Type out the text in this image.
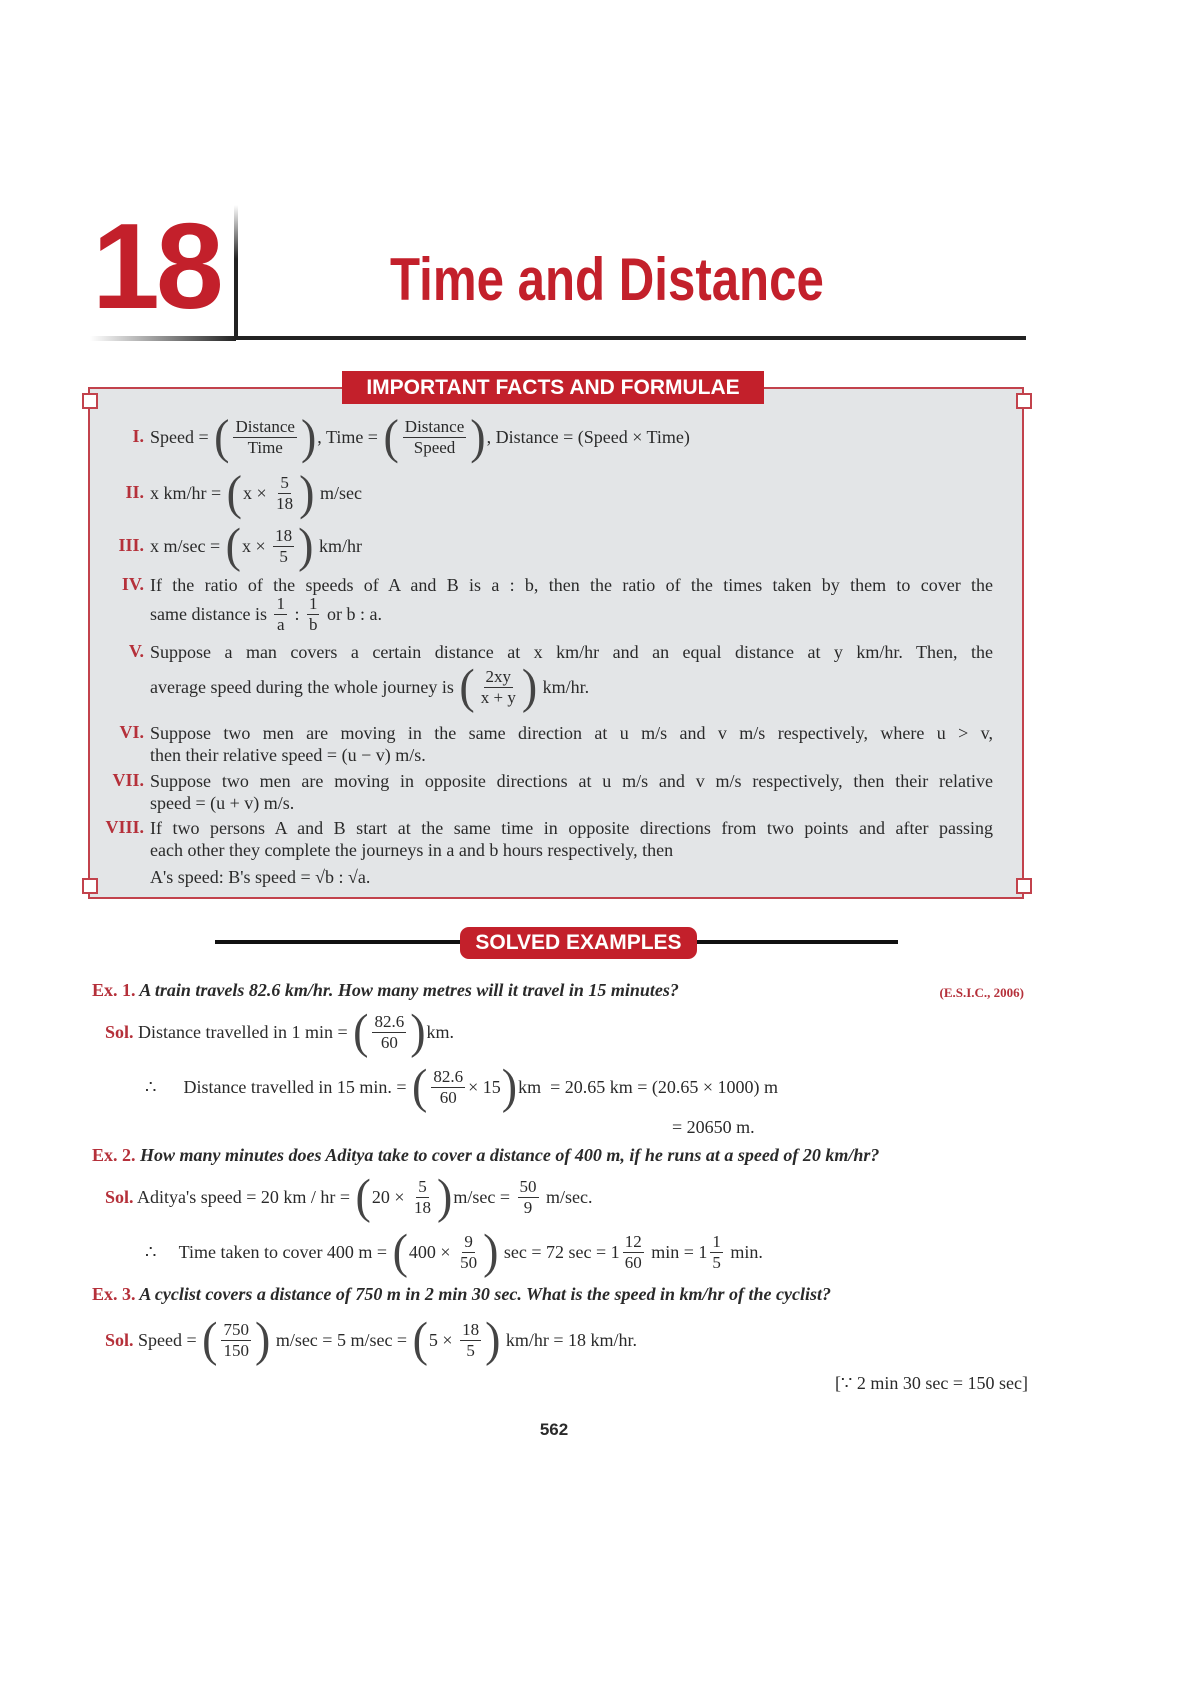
18	Time and Distance
IMPORTANT FACTS AND FORMULAE
I. Speed = ( $\frac{\text{Distance}}{\text{Time}}$ ) , Time = ( $\frac{\text{Distance}}{\text{Speed}}$ ) , Distance = (Speed × Time)
II. x km/hr = ( $x \times \frac{5}{18}$ ) m/sec
III. x m/sec = ( $x \times \frac{18}{5}$ ) km/hr
IV. If the ratio of the speeds of A and B is a : b, then the ratio of the times taken by them to cover the
same distance is $\frac{1}{a}$ : $\frac{1}{b}$ or b : a.
V. Suppose a man covers a certain distance at x km/hr and an equal distance at y km/hr. Then, the
average speed during the whole journey is ( $\frac{2xy}{x + y}$ ) km/hr.
VI. Suppose two men are moving in the same direction at u m/s and v m/s respectively, where u > v,
then their relative speed = (u − v) m/s.
VII. Suppose two men are moving in opposite directions at u m/s and v m/s respectively, then their relative
speed = (u + v) m/s.
VIII. If two persons A and B start at the same time in opposite directions from two points and after passing
each other they complete the journeys in a and b hours respectively, then
A's speed: B's speed = √b : √a.
SOLVED EXAMPLES
Ex. 1. A train travels 82.6 km/hr. How many metres will it travel in 15 minutes?	(E.S.I.C., 2006)
Sol. Distance travelled in 1 min = ( $\frac{82.6}{60}$ ) km.
∴      Distance travelled in 15 min. = ( $\frac{82.6}{60} \times 15$ ) km  = 20.65 km = (20.65 × 1000) m
= 20650 m.
Ex. 2. How many minutes does Aditya take to cover a distance of 400 m, if he runs at a speed of 20 km/hr?
Sol. Aditya's speed = 20 km / hr = ( $20 \times \frac{5}{18}$ ) $m/\sec = \frac{50}{9} m/\sec$.
∴     Time taken to cover 400 m = ( $400 \times \frac{9}{50}$ ) sec = 72 $\sec = 1 \frac{12}{60}$ $\min = 1 \frac{1}{5} \min$.
Ex. 3. A cyclist covers a distance of 750 m in 2 min 30 sec. What is the speed in km/hr of the cyclist?
Sol. Speed = ( $\frac{750}{150}$ ) m/sec = 5 m/sec = ( $5 \times \frac{18}{5}$ ) km/hr = 18 km/hr.
[∵ 2 min 30 sec = 150 sec]
562
